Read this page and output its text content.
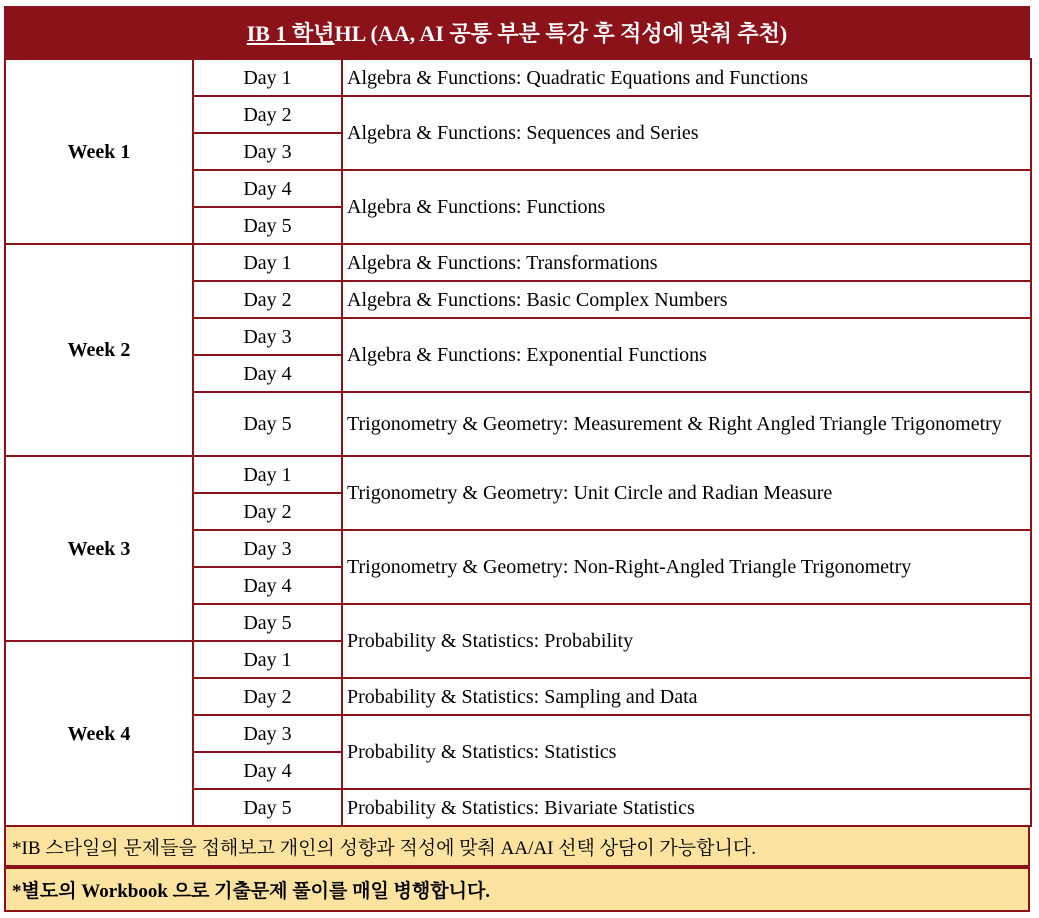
IB 1 학년 HL (AA, AI 공통 부분 특강 후 적성에 맞춰 추천)
Week 1	Day 1	Algebra & Functions: Quadratic Equations and Functions
	Day 2	Algebra & Functions: Sequences and Series
	Day 3	
	Day 4	Algebra & Functions: Functions
	Day 5	
Week 2	Day 1	Algebra & Functions: Transformations
	Day 2	Algebra & Functions: Basic Complex Numbers
	Day 3	Algebra & Functions: Exponential Functions
	Day 4	
	Day 5	Trigonometry & Geometry: Measurement & Right Angled Triangle Trigonometry
Week 3	Day 1	Trigonometry & Geometry: Unit Circle and Radian Measure
	Day 2	
	Day 3	Trigonometry & Geometry: Non-Right-Angled Triangle Trigonometry
	Day 4	
	Day 5	Probability & Statistics: Probability
Week 4	Day 1	
	Day 2	Probability & Statistics: Sampling and Data
	Day 3	Probability & Statistics: Statistics
	Day 4	
	Day 5	Probability & Statistics: Bivariate Statistics
*IB 스타일의 문제들을 접해보고 개인의 성향과 적성에 맞춰 AA/AI 선택 상담이 가능합니다.
*별도의 Workbook 으로 기출문제 풀이를 매일 병행합니다.
